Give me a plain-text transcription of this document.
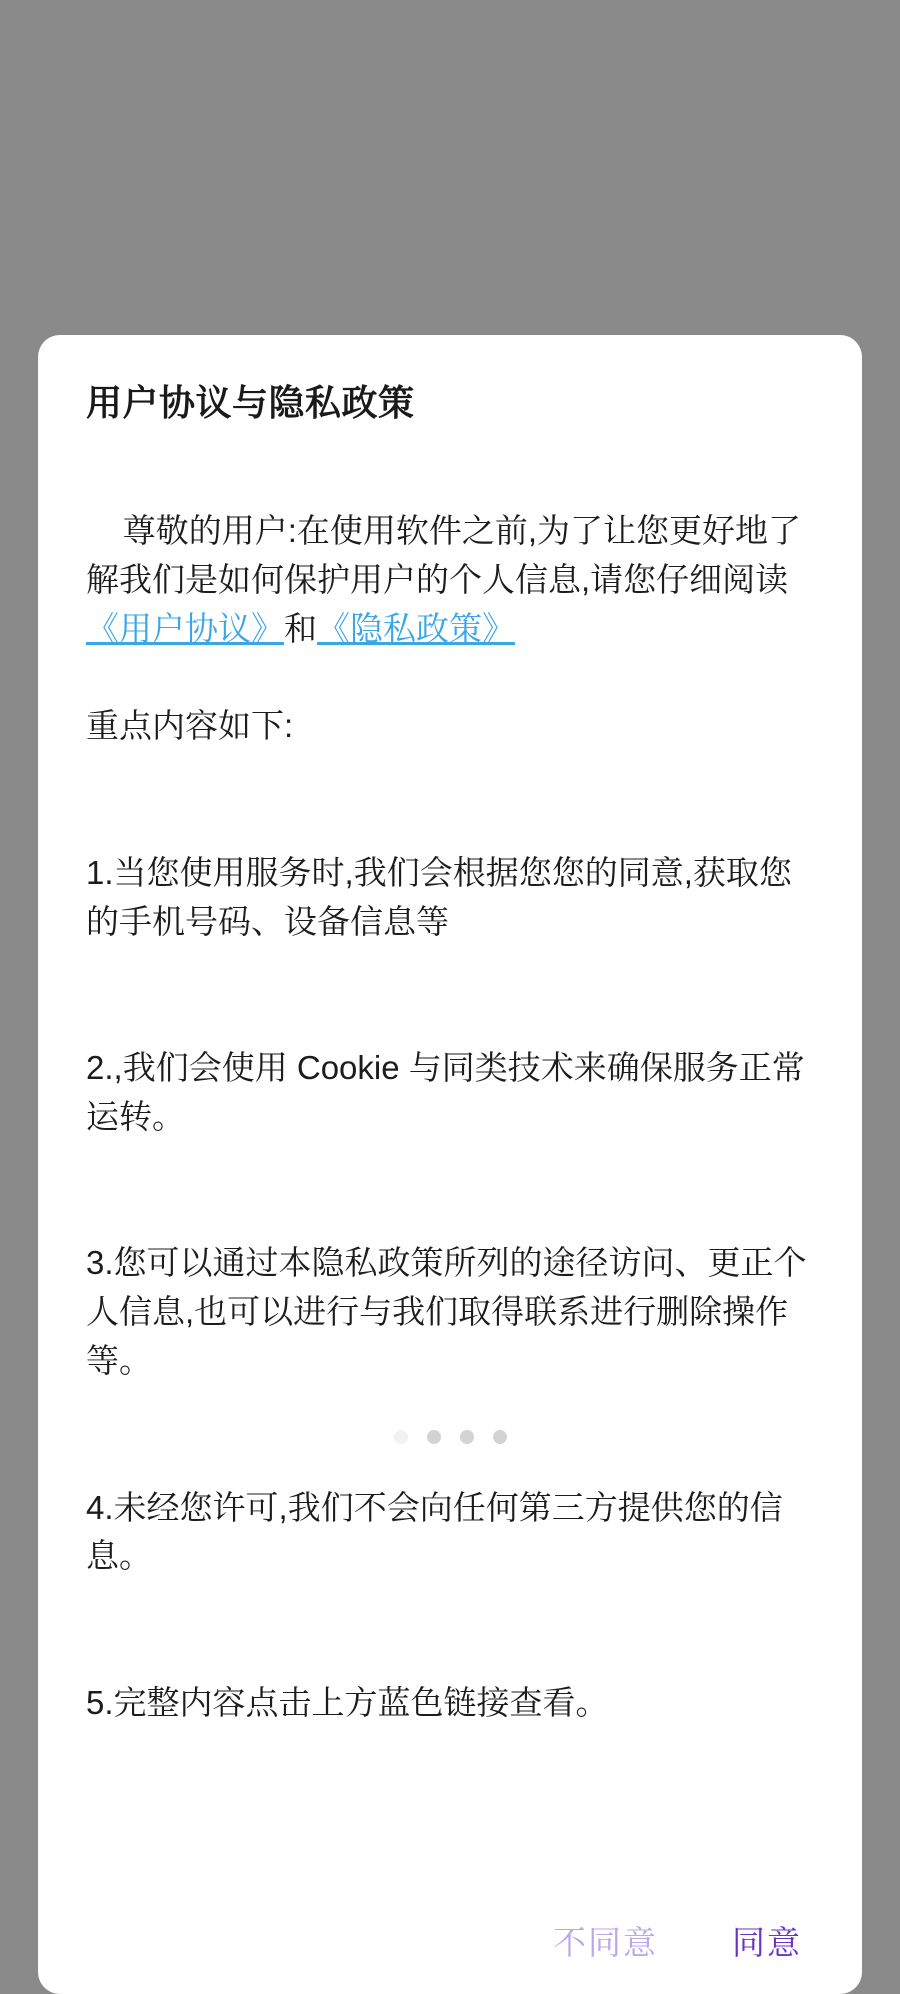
用户协议与隐私政策

尊敬的用户:在使用软件之前,为了让您更好地了解我们是如何保护用户的个人信息,请您仔细阅读《用户协议》和《隐私政策》

重点内容如下:

1.当您使用服务时,我们会根据您您的同意,获取您的手机号码、设备信息等

2.,我们会使用 Cookie 与同类技术来确保服务正常运转。

3.您可以通过本隐私政策所列的途径访问、更正个人信息,也可以进行与我们取得联系进行删除操作等。

4.未经您许可,我们不会向任何第三方提供您的信息。

5.完整内容点击上方蓝色链接查看。

不同意 同意
